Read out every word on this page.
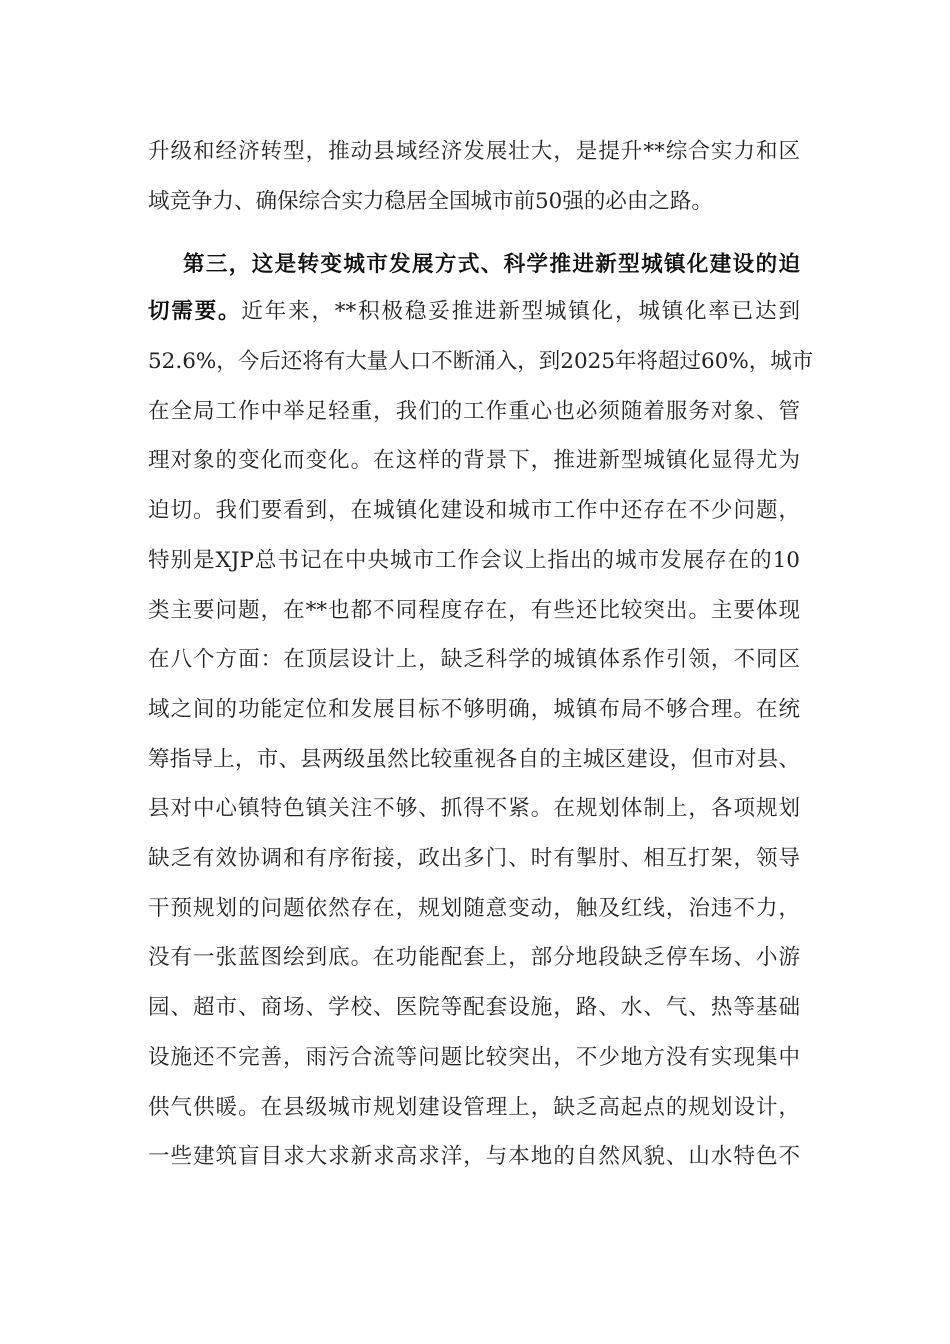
升级和经济转型，推动县域经济发展壮大，是提升**综合实力和区
域竞争力、确保综合实力稳居全国城市前50强的必由之路。
第三，这是转变城市发展方式、科学推进新型城镇化建设的迫
切需要。近年来，**积极稳妥推进新型城镇化，城镇化率已达到
52.6%，今后还将有大量人口不断涌入，到2025年将超过60%，城市
在全局工作中举足轻重，我们的工作重心也必须随着服务对象、管
理对象的变化而变化。在这样的背景下，推进新型城镇化显得尤为
迫切。我们要看到，在城镇化建设和城市工作中还存在不少问题，
特别是XJP总书记在中央城市工作会议上指出的城市发展存在的10
类主要问题，在**也都不同程度存在，有些还比较突出。主要体现
在八个方面：在顶层设计上，缺乏科学的城镇体系作引领，不同区
域之间的功能定位和发展目标不够明确，城镇布局不够合理。在统
筹指导上，市、县两级虽然比较重视各自的主城区建设，但市对县、
县对中心镇特色镇关注不够、抓得不紧。在规划体制上，各项规划
缺乏有效协调和有序衔接，政出多门、时有掣肘、相互打架，领导
干预规划的问题依然存在，规划随意变动，触及红线，治违不力，
没有一张蓝图绘到底。在功能配套上，部分地段缺乏停车场、小游
园、超市、商场、学校、医院等配套设施，路、水、气、热等基础
设施还不完善，雨污合流等问题比较突出，不少地方没有实现集中
供气供暖。在县级城市规划建设管理上，缺乏高起点的规划设计，
一些建筑盲目求大求新求高求洋，与本地的自然风貌、山水特色不
